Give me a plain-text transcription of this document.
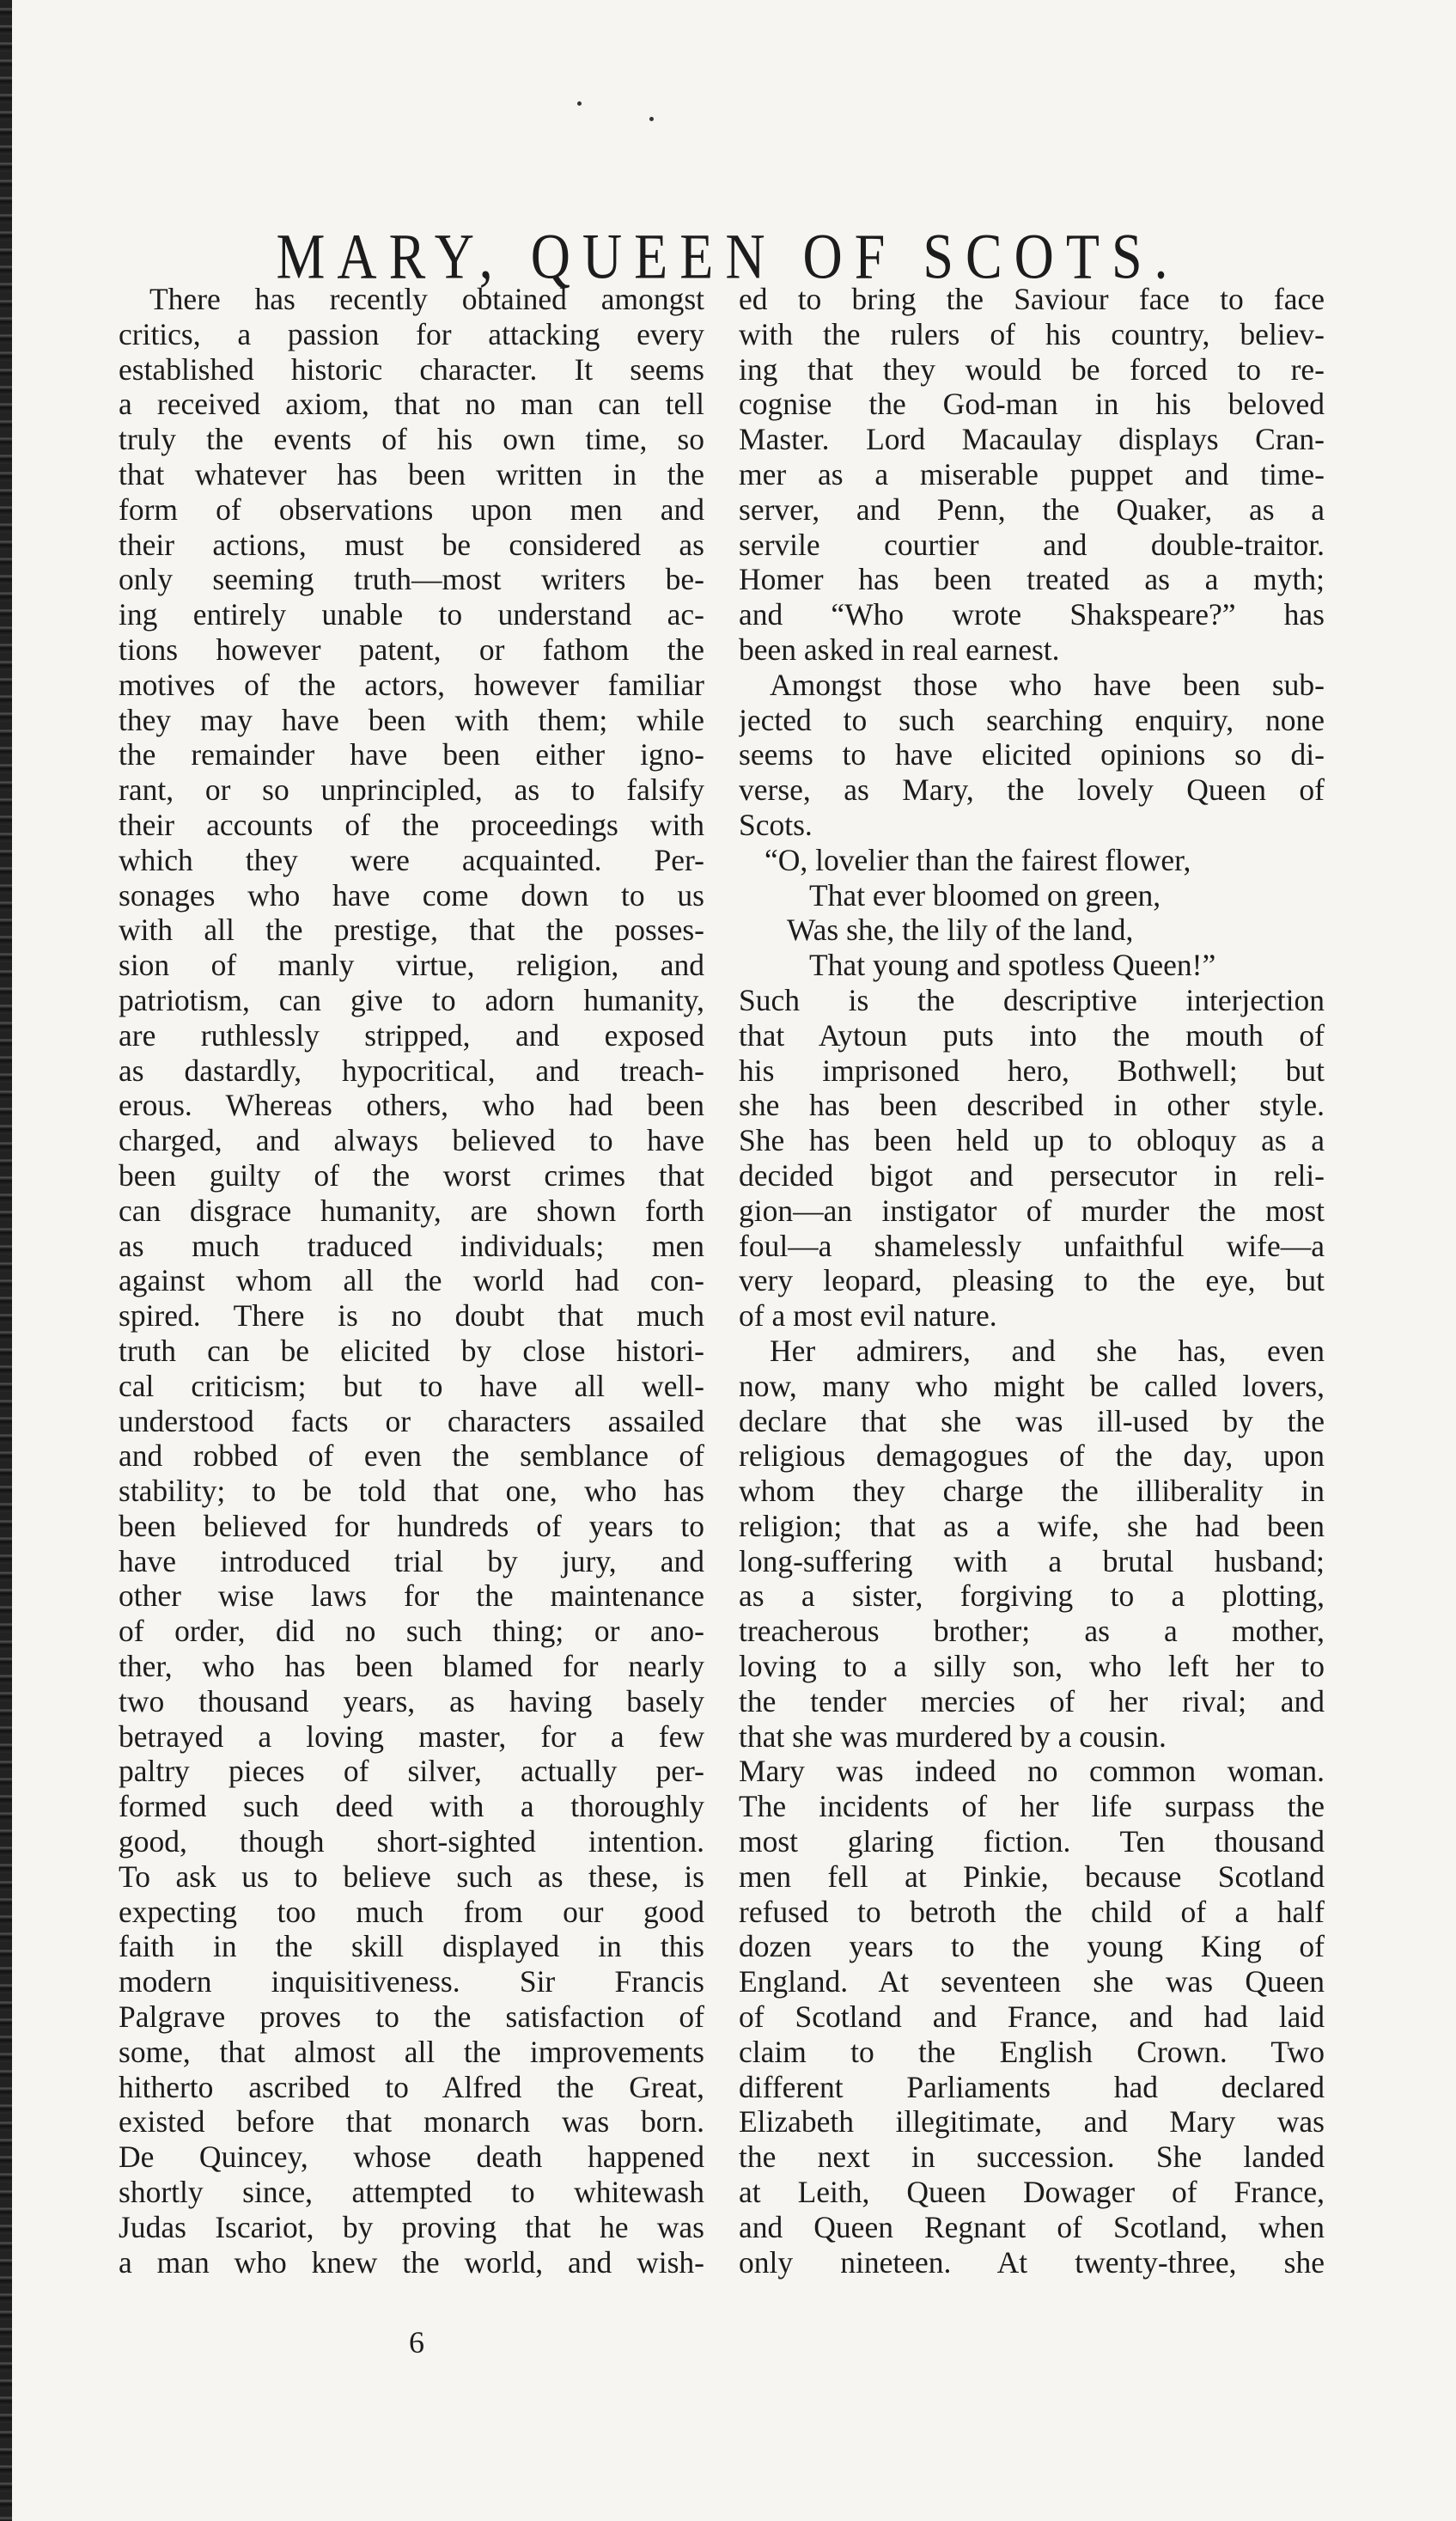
MARY, QUEEN OF SCOTS.
There has recently obtained amongst
critics, a passion for attacking every
established historic character. It seems
a received axiom, that no man can tell
truly the events of his own time, so
that whatever has been written in the
form of observations upon men and
their actions, must be considered as
only seeming truth—most writers be-
ing entirely unable to understand ac-
tions however patent, or fathom the
motives of the actors, however familiar
they may have been with them; while
the remainder have been either igno-
rant, or so unprincipled, as to falsify
their accounts of the proceedings with
which they were acquainted. Per-
sonages who have come down to us
with all the prestige, that the posses-
sion of manly virtue, religion, and
patriotism, can give to adorn humanity,
are ruthlessly stripped, and exposed
as dastardly, hypocritical, and treach-
erous. Whereas others, who had been
charged, and always believed to have
been guilty of the worst crimes that
can disgrace humanity, are shown forth
as much traduced individuals; men
against whom all the world had con-
spired. There is no doubt that much
truth can be elicited by close histori-
cal criticism; but to have all well-
understood facts or characters assailed
and robbed of even the semblance of
stability; to be told that one, who has
been believed for hundreds of years to
have introduced trial by jury, and
other wise laws for the maintenance
of order, did no such thing; or ano-
ther, who has been blamed for nearly
two thousand years, as having basely
betrayed a loving master, for a few
paltry pieces of silver, actually per-
formed such deed with a thoroughly
good, though short-sighted intention.
To ask us to believe such as these, is
expecting too much from our good
faith in the skill displayed in this
modern inquisitiveness. Sir Francis
Palgrave proves to the satisfaction of
some, that almost all the improvements
hitherto ascribed to Alfred the Great,
existed before that monarch was born.
De Quincey, whose death happened
shortly since, attempted to whitewash
Judas Iscariot, by proving that he was
a man who knew the world, and wish-
ed to bring the Saviour face to face
with the rulers of his country, believ-
ing that they would be forced to re-
cognise the God-man in his beloved
Master. Lord Macaulay displays Cran-
mer as a miserable puppet and time-
server, and Penn, the Quaker, as a
servile courtier and double-traitor.
Homer has been treated as a myth;
and “Who wrote Shakspeare?” has
been asked in real earnest.
Amongst those who have been sub-
jected to such searching enquiry, none
seems to have elicited opinions so di-
verse, as Mary, the lovely Queen of
Scots.
“O, lovelier than the fairest flower,
That ever bloomed on green,
Was she, the lily of the land,
That young and spotless Queen!”
Such is the descriptive interjection
that Aytoun puts into the mouth of
his imprisoned hero, Bothwell; but
she has been described in other style.
She has been held up to obloquy as a
decided bigot and persecutor in reli-
gion—an instigator of murder the most
foul—a shamelessly unfaithful wife—a
very leopard, pleasing to the eye, but
of a most evil nature.
Her admirers, and she has, even
now, many who might be called lovers,
declare that she was ill-used by the
religious demagogues of the day, upon
whom they charge the illiberality in
religion; that as a wife, she had been
long-suffering with a brutal husband;
as a sister, forgiving to a plotting,
treacherous brother; as a mother,
loving to a silly son, who left her to
the tender mercies of her rival; and
that she was murdered by a cousin.
Mary was indeed no common woman.
The incidents of her life surpass the
most glaring fiction. Ten thousand
men fell at Pinkie, because Scotland
refused to betroth the child of a half
dozen years to the young King of
England. At seventeen she was Queen
of Scotland and France, and had laid
claim to the English Crown. Two
different Parliaments had declared
Elizabeth illegitimate, and Mary was
the next in succession. She landed
at Leith, Queen Dowager of France,
and Queen Regnant of Scotland, when
only nineteen. At twenty-three, she
6
